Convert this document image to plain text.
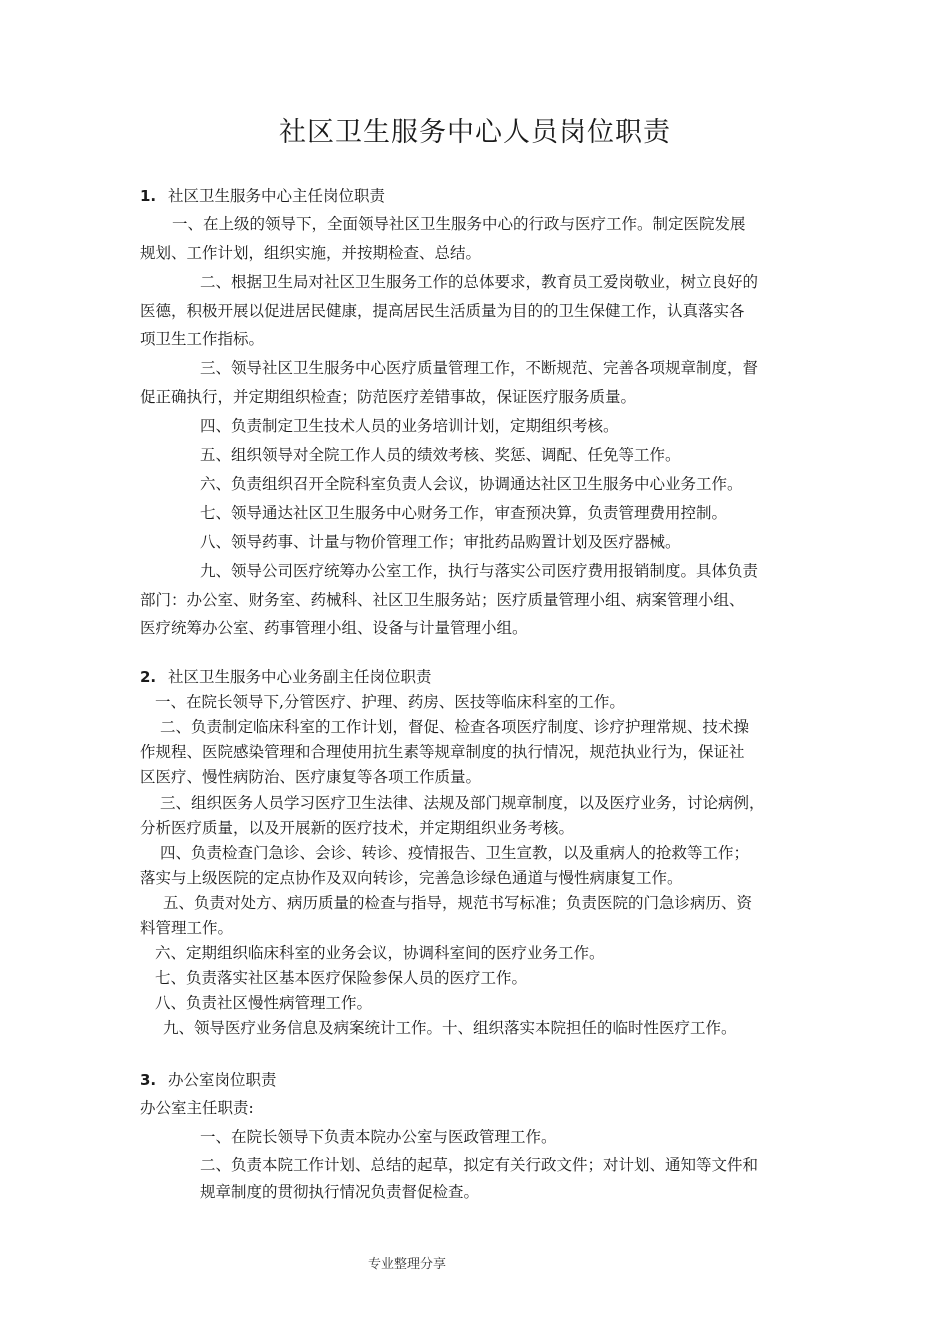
社区卫生服务中心人员岗位职责

1. 社区卫生服务中心主任岗位职责

一、在上级的领导下，全面领导社区卫生服务中心的行政与医疗工作。制定医院发展

规划、工作计划，组织实施，并按期检查、总结。

二、根据卫生局对社区卫生服务工作的总体要求，教育员工爱岗敬业，树立良好的

医德，积极开展以促进居民健康，提高居民生活质量为目的的卫生保健工作，认真落实各

项卫生工作指标。

三、领导社区卫生服务中心医疗质量管理工作，不断规范、完善各项规章制度，督

促正确执行，并定期组织检查；防范医疗差错事故，保证医疗服务质量。

四、负责制定卫生技术人员的业务培训计划，定期组织考核。

五、组织领导对全院工作人员的绩效考核、奖惩、调配、任免等工作。

六、负责组织召开全院科室负责人会议，协调通达社区卫生服务中心业务工作。

七、领导通达社区卫生服务中心财务工作，审查预决算，负责管理费用控制。

八、领导药事、计量与物价管理工作；审批药品购置计划及医疗器械。

九、领导公司医疗统筹办公室工作，执行与落实公司医疗费用报销制度。具体负责

部门：办公室、财务室、药械科、社区卫生服务站；医疗质量管理小组、病案管理小组、

医疗统筹办公室、药事管理小组、设备与计量管理小组。

2. 社区卫生服务中心业务副主任岗位职责

一、在院长领导下,分管医疗、护理、药房、医技等临床科室的工作。

二、负责制定临床科室的工作计划，督促、检查各项医疗制度、诊疗护理常规、技术操

作规程、医院感染管理和合理使用抗生素等规章制度的执行情况，规范执业行为，保证社

区医疗、慢性病防治、医疗康复等各项工作质量。

三、组织医务人员学习医疗卫生法律、法规及部门规章制度，以及医疗业务，讨论病例，

分析医疗质量，以及开展新的医疗技术，并定期组织业务考核。

四、负责检查门急诊、会诊、转诊、疫情报告、卫生宣教，以及重病人的抢救等工作；

落实与上级医院的定点协作及双向转诊，完善急诊绿色通道与慢性病康复工作。

五、负责对处方、病历质量的检查与指导，规范书写标准；负责医院的门急诊病历、资

料管理工作。

六、定期组织临床科室的业务会议，协调科室间的医疗业务工作。

七、负责落实社区基本医疗保险参保人员的医疗工作。

八、负责社区慢性病管理工作。

九、领导医疗业务信息及病案统计工作。十、组织落实本院担任的临时性医疗工作。

3. 办公室岗位职责

办公室主任职责:

一、在院长领导下负责本院办公室与医政管理工作。

二、负责本院工作计划、总结的起草，拟定有关行政文件；对计划、通知等文件和

规章制度的贯彻执行情况负责督促检查。

专业整理分享
